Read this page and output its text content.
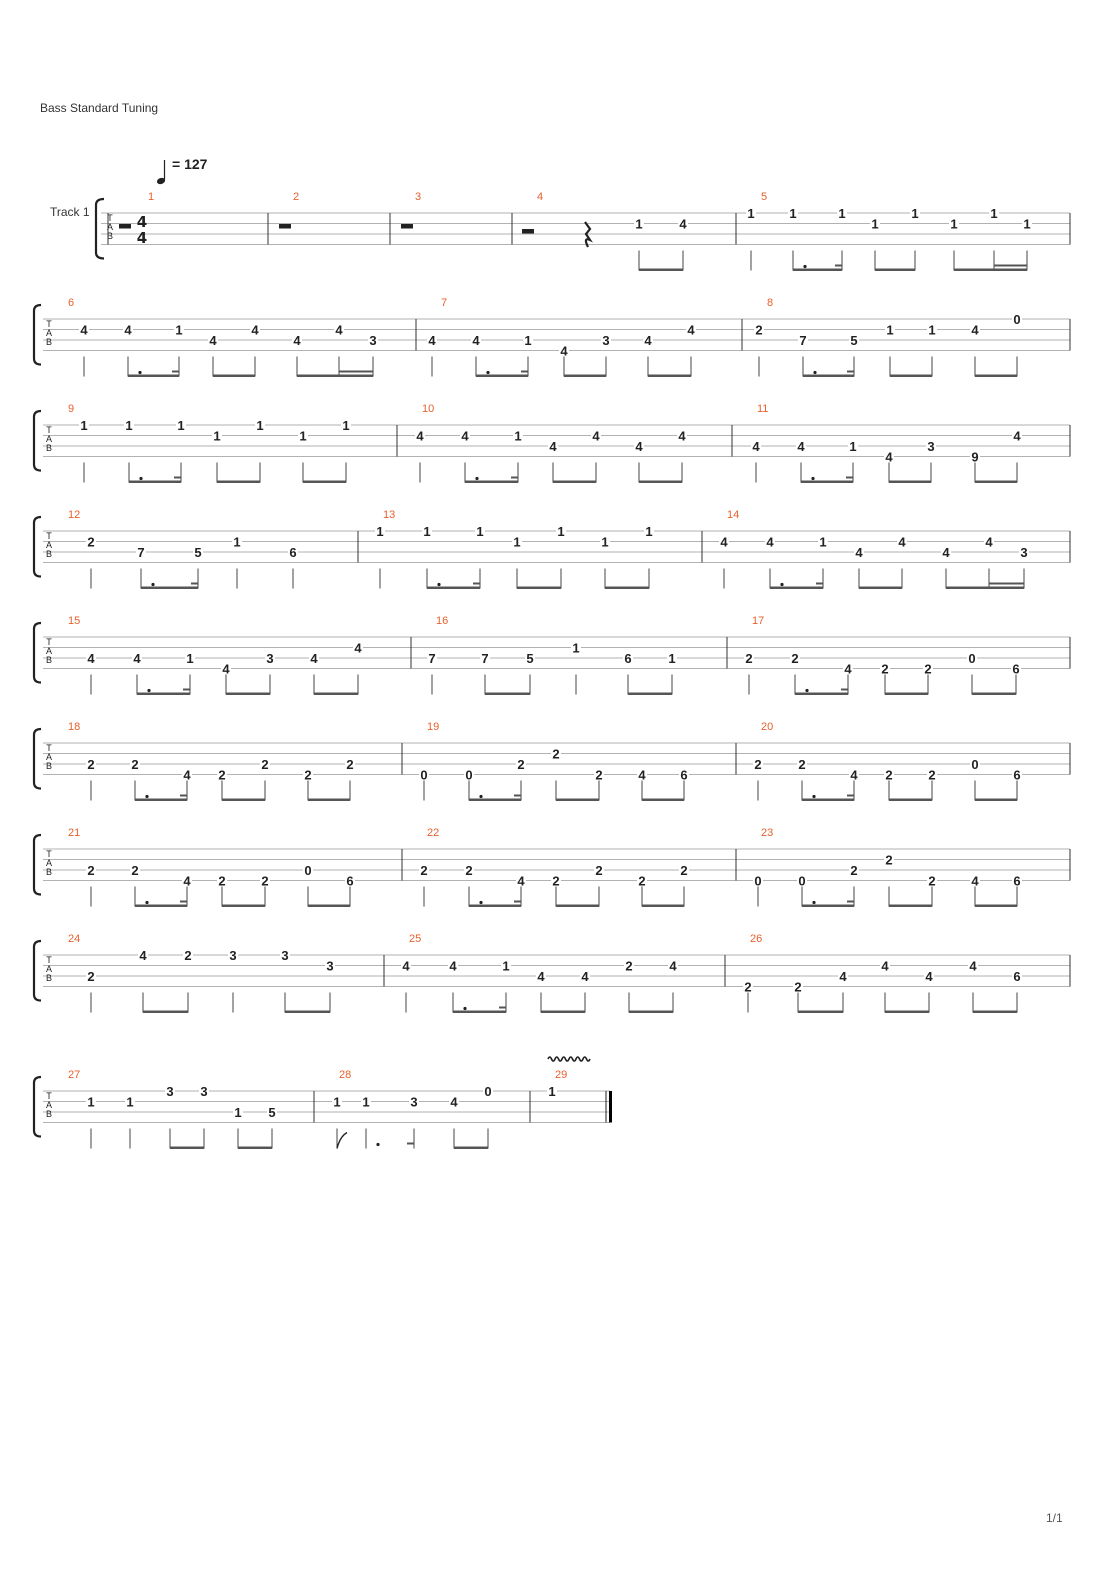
Bass Standard Tuning
= 127
Track 1 T
A
B
4
4
1	2	3	4
1	4
5
1	1	1
1
1
1
1
1
T
A
B
6
4	4	1
4
4
4
4
3
7
4	4	1
4
3	4
4
8
2
7	5
1	1	4
0
T
A
B
9
1	1	1
1
1
1
1
10
4	4	1
4
4
4
4
11
4	4	1
4
3
9
4
T
A
B
12
2
7	5
1
6
13
1	1	1
1
1
1
1
14
4	4	1
4
4
4
4
3
T
A
B
15
4	4	1
4
3	4
4
16
7	7	5
1
6	1
17
2	2
4 2	2
0
6
T
A
B
18
2	2
4 2
2
2
2
19
0	0
2
2
2	4	6
20
2	2
4 2	2
0
6
T
A
B
21
2	2
4 2	2
0
6
22
2	2
4 2
2
2
2
23
0	0
2
2
2	4	6
T
A
B
24
2
4	2	3	3
3
25
4	4	1
4	4
2	4
26
2	2
4
4
4
4
6
T
A
B
27
1 1
3 3
1 5
28
1 1	3	4
0
29
1
1/1
